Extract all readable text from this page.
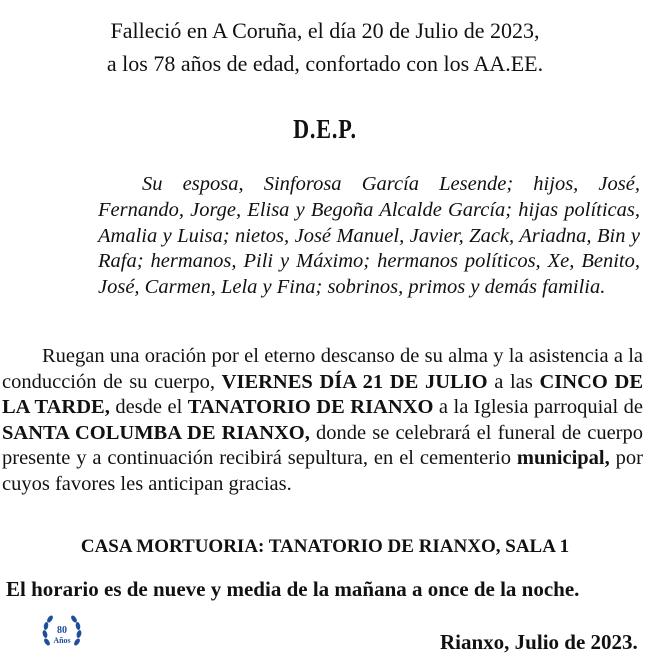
Falleció en A Coruña, el día 20 de Julio de 2023,
a los 78 años de edad, confortado con los AA.EE.
D.E.P.
Su esposa, Sinforosa García Lesende; hijos, José, Fernando, Jorge, Elisa y Begoña Alcalde García; hijas políticas, Amalia y Luisa; nietos, José Manuel, Javier, Zack, Ariadna, Bin y Rafa; hermanos, Pili y Máximo; hermanos políticos, Xe, Benito, José, Carmen, Lela y Fina; sobrinos, primos y demás familia.
Ruegan una oración por el eterno descanso de su alma y la asistencia a la conducción de su cuerpo, VIERNES DÍA 21 DE JULIO a las CINCO DE LA TARDE, desde el TANATORIO DE RIANXO a la Iglesia parroquial de SANTA COLUMBA DE RIANXO, donde se celebrará el funeral de cuerpo presente y a continuación recibirá sepultura, en el cementerio municipal, por cuyos favores les anticipan gracias.
CASA MORTUORIA: TANATORIO DE RIANXO, SALA 1
El horario es de nueve y media de la mañana a once de la noche.
80
Años	Rianxo, Julio de 2023.
